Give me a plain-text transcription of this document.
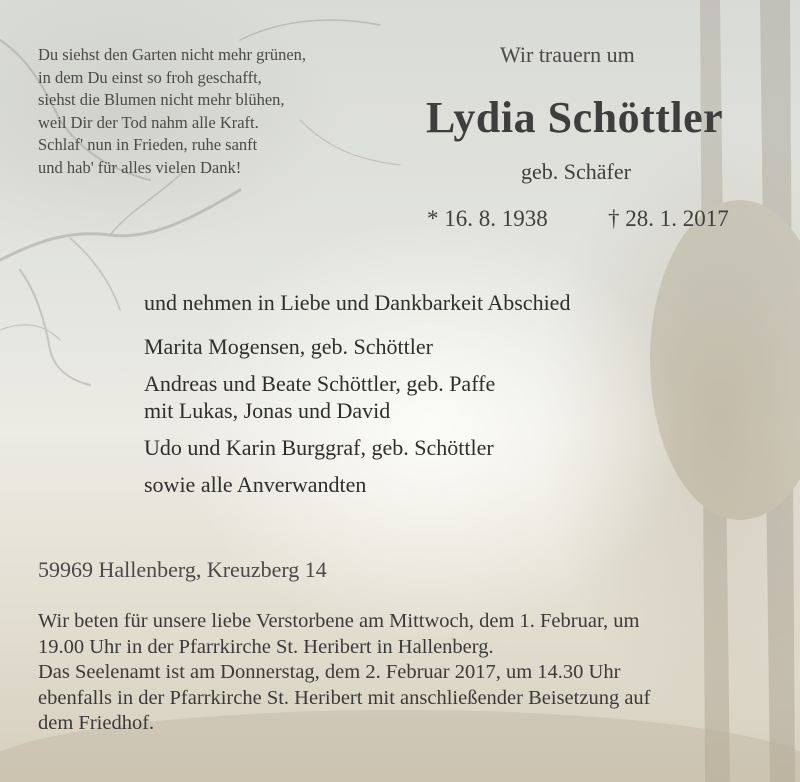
Du siehst den Garten nicht mehr grünen,
in dem Du einst so froh geschafft,
siehst die Blumen nicht mehr blühen,
weil Dir der Tod nahm alle Kraft.
Schlaf' nun in Frieden, ruhe sanft
und hab' für alles vielen Dank!
Wir trauern um
Lydia Schöttler
geb. Schäfer
* 16. 8. 1938	† 28. 1. 2017
und nehmen in Liebe und Dankbarkeit Abschied
Marita Mogensen, geb. Schöttler
Andreas und Beate Schöttler, geb. Paffe
mit Lukas, Jonas und David
Udo und Karin Burggraf, geb. Schöttler
sowie alle Anverwandten
59969 Hallenberg, Kreuzberg 14
Wir beten für unsere liebe Verstorbene am Mittwoch, dem 1. Februar, um
19.00 Uhr in der Pfarrkirche St. Heribert in Hallenberg.
Das Seelenamt ist am Donnerstag, dem 2. Februar 2017, um 14.30 Uhr
ebenfalls in der Pfarrkirche St. Heribert mit anschließender Beisetzung auf
dem Friedhof.
